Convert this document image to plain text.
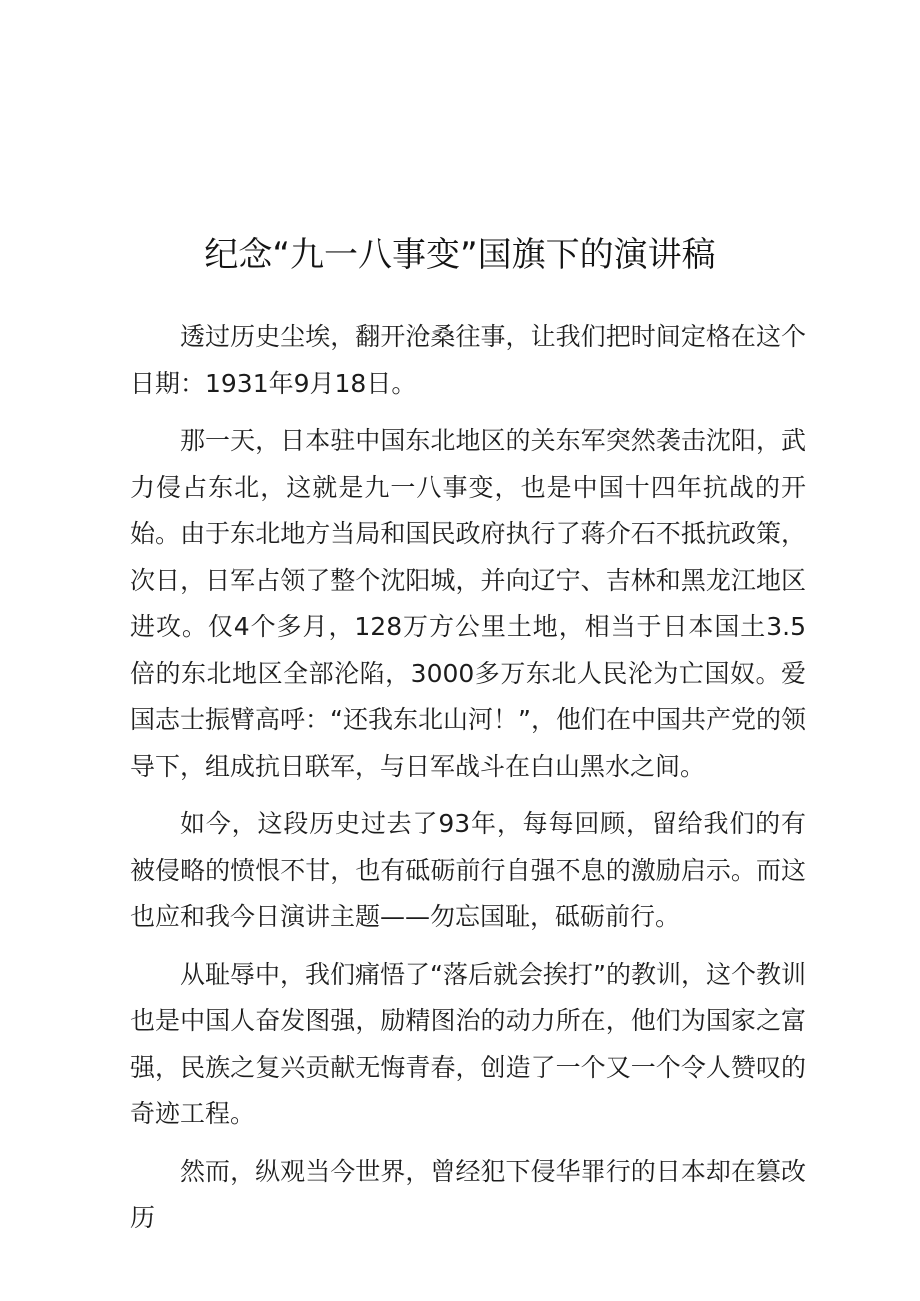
纪念“九一八事变”国旗下的演讲稿

透过历史尘埃，翻开沧桑往事，让我们把时间定格在这个日期：1931年9月18日。

那一天，日本驻中国东北地区的关东军突然袭击沈阳，武力侵占东北，这就是九一八事变，也是中国十四年抗战的开始。由于东北地方当局和国民政府执行了蒋介石不抵抗政策，次日，日军占领了整个沈阳城，并向辽宁、吉林和黑龙江地区进攻。仅4个多月，128万方公里土地，相当于日本国土3.5倍的东北地区全部沦陷，3000多万东北人民沦为亡国奴。爱国志士振臂高呼：“还我东北山河！”，他们在中国共产党的领导下，组成抗日联军，与日军战斗在白山黑水之间。

如今，这段历史过去了93年，每每回顾，留给我们的有被侵略的愤恨不甘，也有砥砺前行自强不息的激励启示。而这也应和我今日演讲主题——勿忘国耻，砥砺前行。

从耻辱中，我们痛悟了“落后就会挨打”的教训，这个教训也是中国人奋发图强，励精图治的动力所在，他们为国家之富强，民族之复兴贡献无悔青春，创造了一个又一个令人赞叹的奇迹工程。

然而，纵观当今世界，曾经犯下侵华罪行的日本却在篡改历
